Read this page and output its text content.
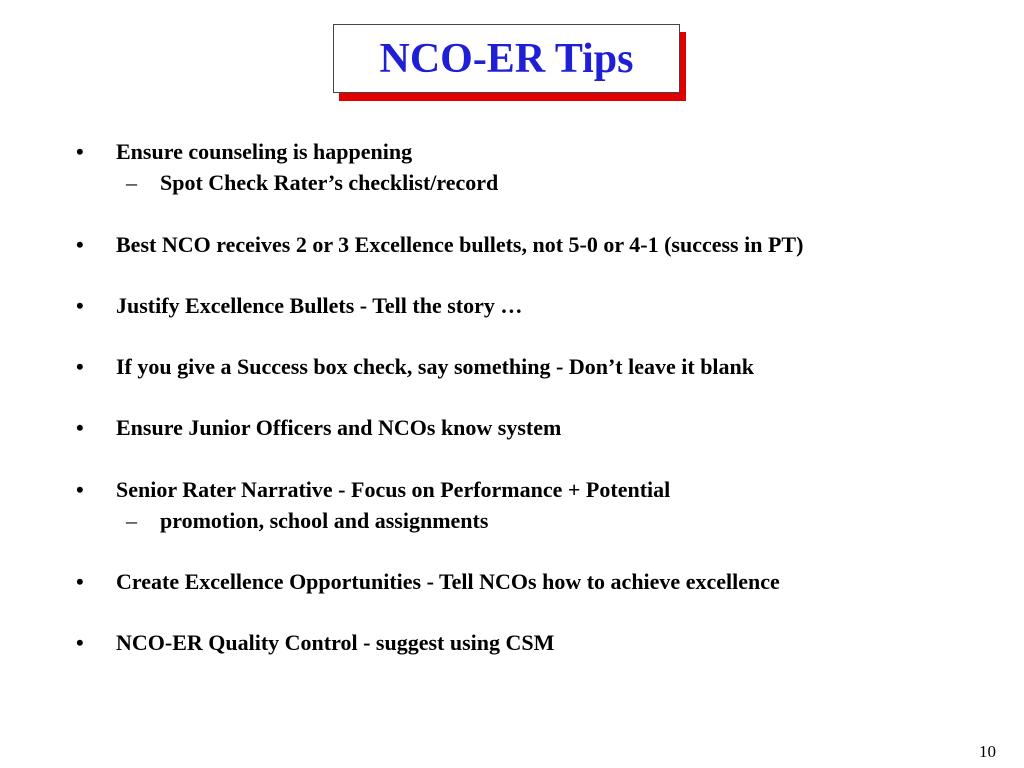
NCO-ER Tips
•	Ensure counseling is happening
–	Spot Check Rater’s checklist/record
•	Best NCO receives 2 or 3 Excellence bullets, not 5-0 or 4-1 (success in PT)
•	Justify Excellence Bullets - Tell the story …
•	If you give a Success box check, say something - Don’t leave it blank
•	Ensure Junior Officers and NCOs know system
•	Senior Rater Narrative - Focus on Performance + Potential
–	promotion, school and assignments
•	Create Excellence Opportunities - Tell NCOs how to achieve excellence
•	NCO-ER Quality Control - suggest using CSM
10
